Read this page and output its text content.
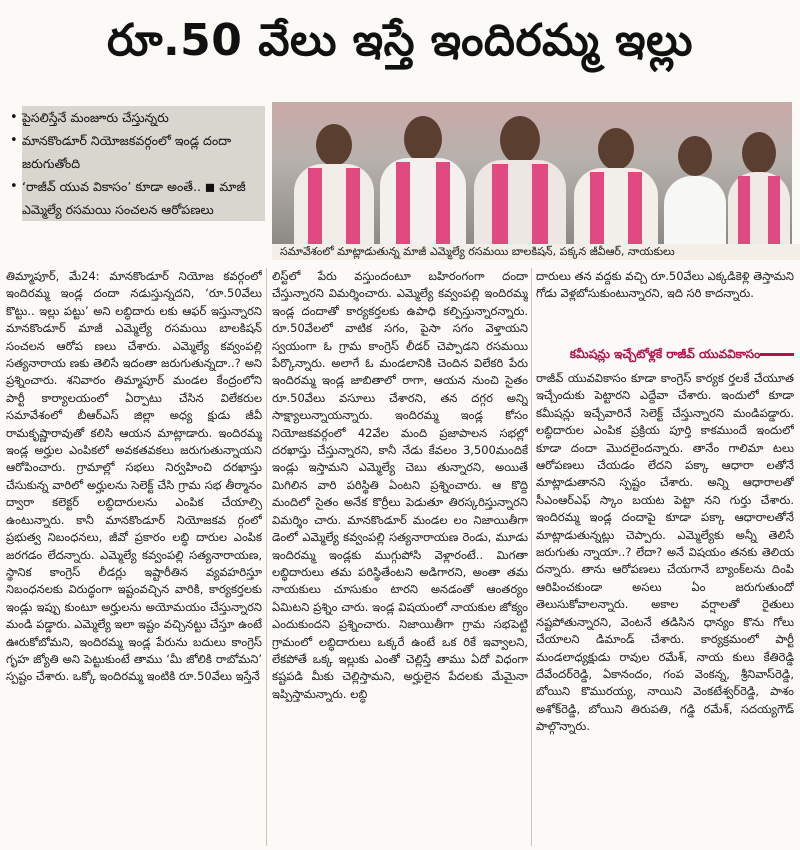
రూ.50 వేలు ఇస్తే ఇందిరమ్మ ఇల్లు
• పైసలిస్తేనే మంజూరు చేస్తున్నరు
• మానకొండూర్ నియోజకవర్గంలో ఇండ్ల దందా జరుగుతోంది
• ‘రాజీవ్ యువ వికాసం’ కూడా అంతే.. ◼ మాజీ ఎమ్మెల్యే రసమయి సంచలన ఆరోపణలు
సమావేశంలో మాట్లాడుతున్న మాజీ ఎమ్మెల్యే రసమయి బాలకిషన్, పక్కన జీవీఆర్, నాయకులు
తిమ్మాపూర్, మే24: మానకొండూర్ నియోజ కవర్గంలో ఇందిరమ్మ ఇండ్ల దందా నడుస్తున్నదని, ‘రూ.50వేలు కొట్టు.. ఇల్లు పట్టు’ అని లబ్ధిదారు లకు ఆఫర్ ఇస్తున్నారని మానకొండూర్ మాజీ ఎమ్మెల్యే రసమయి బాలకిషన్ సంచలన ఆరోప ణలు చేశారు. ఎమ్మెల్యే కవ్వంపల్లి సత్యనారాయ ణకు తెలిసే ఇదంతా జరుగుతున్నదా..? అని ప్రశ్నించారు. శనివారం తిమ్మాపూర్ మండల కేంద్రంలోని పార్టీ కార్యాలయంలో ఏర్పాటు చేసిన విలేకరుల సమావేశంలో బీఆర్ఎస్ జిల్లా అధ్య క్షుడు జీవీ రామకృష్ణారావుతో కలిసి ఆయన మాట్లాడారు. ఇందిరమ్మ ఇండ్ల అర్హుల ఎంపికలో అవకతవకలు జరుగుతున్నాయని ఆరోపించారు. గ్రామాల్లో సభలు నిర్వహించి దరఖాస్తు చేసుకున్న వారిలో అర్హులను సెలెక్ట్ చేసి గ్రామ సభ తీర్మానం ద్వారా కలెక్టర్ లబ్ధిదారులను ఎంపిక చేయాల్సి ఉంటున్నారు. కానీ మానకొండూర్ నియోజకవ ర్గంలో ప్రభుత్వ నిబంధనలు, జీవో ప్రకారం లబ్ధి దారుల ఎంపిక జరగడం లేదన్నారు. ఎమ్మెల్యే కవ్వంపల్లి సత్యనారాయణ, స్థానిక కాంగ్రెస్ లీడర్లు ఇష్టారీతిన వ్యవహరిస్తూ నిబంధనలకు విరుద్ధంగా ఇష్టంవచ్చిన వారికి, కార్యకర్తలకు ఇండ్లు ఇప్పు కుంటూ అర్హులను అయోమయం చేస్తున్నారని మండి పడ్డారు. ఎమ్మెల్యే ఇలా ఇష్టం వచ్చినట్టు చేస్తూ ఉంటే ఊరుకోబోమని, ఇందిరమ్మ ఇండ్ల పేరును బదులు కాంగ్రెస్ గృహ జ్యోతి అని పెట్టుకుంటే తాము ‘మీ జోలికి రాబోమని’ స్పష్టం చేశారు. ఒక్కో ఇందిరమ్మ ఇంటికి రూ.50వేలు ఇస్తేనే
లిస్ట్‌లో పేరు వస్తుందంటూ బహిరంగంగా దందా చేస్తున్నారని విమర్శించారు. ఎమ్మెల్యే కవ్వంపల్లి ఇందిరమ్మ ఇండ్ల దందాతో కార్యకర్తలకు ఉపాధి కల్పిస్తున్నారన్నారు. రూ.50వేలలో వాటిక సగం, పైసా సగం వెళ్తాయని స్వయంగా ఓ గ్రామ కాంగ్రెస్ లీడర్ చెప్పాడని రసమయి పేర్కొన్నారు. అలాగే ఓ మండలానికి చెందిన విలేకరి పేరు ఇందిరమ్మ ఇండ్ల జాబితాలో రాగా, ఆయన నుంచి సైతం రూ.50వేలు వసూలు చేశారని, తన దగ్గర అన్ని సాక్ష్యాలున్నాయన్నారు. ఇందిరమ్మ ఇండ్ల కోసం నియోజకవర్గంలో 42వేల మంది ప్రజాపాలన సభల్లో దరఖాస్తు చేస్తున్నారని, కానీ నేడు కేవలం 3,500మందికే ఇండ్లు ఇస్తామని ఎమ్మెల్యే చెబు తున్నారని, అయితే మిగిలిన వారి పరిస్థితి ఏంటని ప్రశ్నించారు. ఆ కొద్ది మందిలో సైతం అనేక కొర్రీలు పెడుతూ తిరస్కరిస్తున్నారని విమర్శిం చారు. మానకొండూర్ మండల లం నిజాయితీగా డెంలో ఎమ్మెల్యే కవ్వంపల్లి సత్యనారాయణ రెండు, మూడు ఇందిరమ్మ ఇండ్లకు ముగ్గుపోసి వెళ్లారంటే.. మిగతా లబ్ధిదారులు తమ పరిస్థితేంటని అడిగారని, అంతా తమ నాయకులు చూసుకుం టారని అనడంతో ఆంతర్యం ఏమిటని ప్రశ్నిం చారు. ఇండ్ల విషయంలో నాయకుల జోక్యం ఎందుకుందని ప్రశ్నించారు. నిజాయితీగా గ్రామ సభపెట్టి గ్రామంలో లబ్ధిదారులు ఒక్కరే ఉంటే ఒక రికే ఇవ్వాలని, లేకపోతే ఒక్క ఇల్లుకు ఎంతో చెల్లిస్తే తాము ఏదో విధంగా కష్టపడి మీకు చెల్లిస్తామని, అర్హులైన పేదలకు మేమైనా ఇప్పిస్తామన్నారు. లబ్ధి
దారులు తన వద్దకు వచ్చి రూ.50వేలు ఎక్కడికెళ్లి తెస్తామని గోడు వెళ్లబోసుకుంటున్నారని, ఇది సరి కాదన్నారు.
కమీషన్లు ఇచ్చేటోళ్లకే రాజీవ్ యువవికాసం
రాజీవ్ యువవికాసం కూడా కాంగ్రెస్ కార్యక ర్తలకే చేయూత ఇచ్చేందుకు పెట్టారని ఎద్దేవా చేశారు. ఇందులో కూడా కమీషన్లు ఇచ్చేవారినే సెలెక్ట్ చేస్తున్నారని మండిపడ్డారు. లబ్ధిదారుల ఎంపిక ప్రక్రియ పూర్తి కాకముందే ఇందులో కూడా దందా మొదలైందన్నారు. తానేం గాలిమా టలు ఆరోపణలు చేయడం లేదని పక్కా ఆధారా లతోనే మాట్లాడుతానని స్పష్టం చేశారు. అన్ని ఆధారాలతో సీఎంఆర్ఎఫ్ స్కాం బయట పెట్టా నని గుర్తు చేశారు. ఇందిరమ్మ ఇండ్ల దందాపై కూడా పక్కా ఆధారాలతోనే మాట్లాడుతున్నట్లు చెప్పారు. ఎమ్మెల్యేకు అన్నీ తెలిసే జరుగుతు న్నాయా..? లేదా? అనే విషయం తనకు తెలియ దన్నారు. తాను ఆరోపణలు చేయగానే బ్యాంక్‌లను దింపి ఆరిపించకుండా అసలు ఏం జరుగుతుందో తెలుసుకోవాలన్నారు. అకాల వర్షాలతో రైతులు నష్టపోతున్నారని, వెంటనే తడిసిన ధాన్యం కొను గోలు చేయాలని డిమాండ్ చేశారు. కార్యక్రమంలో పార్టీ మండలాధ్యక్షుడు రావుల రమేశ్, నాయ కులు కేతిరెడ్డి దేవేందర్‌రెడ్డి, ఏకానందం, గంప వెంకన్న, శ్రీనివాస్‌రెడ్డి, బోయిని కొమురయ్య, నాయిని వెంకటేశ్వర్‌రెడ్డి, పాశం అశోక్‌రెడ్డి, బోయిని తిరుపతి, గడ్డి రమేశ్, సదయ్యగౌడ్ పాల్గొన్నారు.
